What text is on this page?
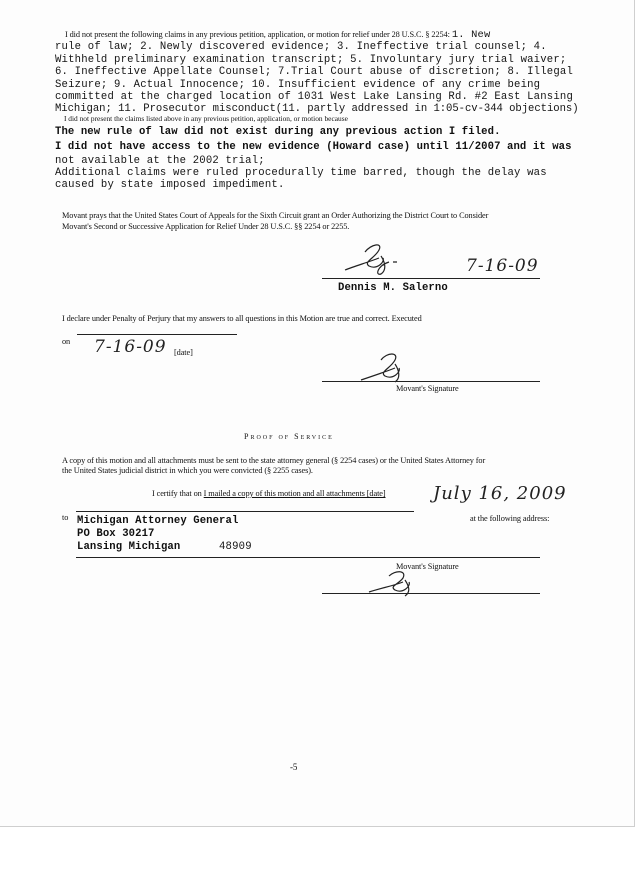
I did not present the following claims in any previous petition, application, or motion for relief under 28 U.S.C. § 2254: 1. New
rule of law; 2. Newly discovered evidence; 3. Ineffective trial counsel; 4.
Withheld preliminary examination transcript; 5. Involuntary jury trial waiver;
6. Ineffective Appellate Counsel; 7.Trial Court abuse of discretion; 8. Illegal
Seizure; 9. Actual Innocence; 10. Insufficient evidence of any crime being
committed at the charged location of 1031 West Lake Lansing Rd. #2 East Lansing
Michigan; 11. Prosecutor misconduct(11. partly addressed in 1:05-cv-344 objections)
I did not present the claims listed above in any previous petition, application, or motion because
The new rule of law did not exist during any previous action I filed.
I did not have access to the new evidence (Howard case) until 11/2007 and it was
not available at the 2002 trial;
Additional claims were ruled procedurally time barred, though the delay was
caused by state imposed impediment.
Movant prays that the United States Court of Appeals for the Sixth Circuit grant an Order Authorizing the District Court to Consider
Movant's Second or Successive Application for Relief Under 28 U.S.C. §§ 2254 or 2255.
7-16-09
Dennis M. Salerno
I declare under Penalty of Perjury that my answers to all questions in this Motion are true and correct. Executed
on 7-16-09 [date]
Movant's Signature
Proof of Service
A copy of this motion and all attachments must be sent to the state attorney general (§ 2254 cases) or the United States Attorney for
the United States judicial district in which you were convicted (§ 2255 cases).
I certify that on I mailed a copy of this motion and all attachments [date]	July 16, 2009
to	at the following address:
Michigan Attorney General
PO Box 30217
Lansing Michigan	48909
Movant's Signature
-5
